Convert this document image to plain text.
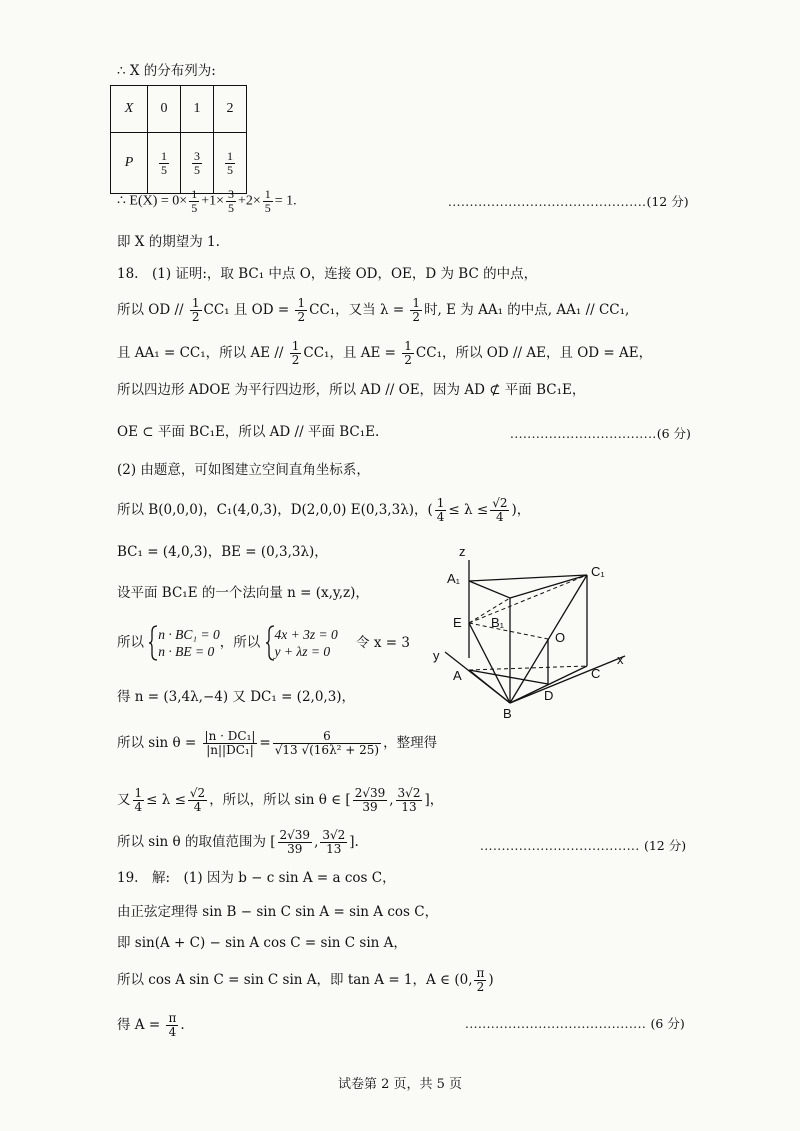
∴ X 的分布列为:
X	0	1	2
P	$\frac{1}{5}$	$\frac{3}{5}$	$\frac{1}{5}$
∴ $E(X) = 0\times \frac{1}{5} +1\times \frac{3}{5} +2\times \frac{1}{5} = 1$.	..............................................(12 分)
即 X 的期望为 1.
18.　(1) 证明:，取 BC₁ 中点 O，连接 OD，OE，D 为 BC 的中点，
所以 OD // $\frac{1}{2} CC_1$ 且 OD = $\frac{1}{2} CC_1$，又当 $\lambda = \frac{1}{2}$ 时, E 为 AA₁ 的中点, AA₁ // CC₁,
且 AA₁ = CC₁，所以 AE // $\frac{1}{2} CC_1$，且 AE = $\frac{1}{2} CC_1$，所以 OD // AE，且 OD = AE，
所以四边形 ADOE 为平行四边形，所以 AD // OE，因为 AD ⊄ 平面 BC₁E，
OE ⊂ 平面 BC₁E，所以 AD // 平面 BC₁E.	..................................(6 分)
(2) 由题意，可如图建立空间直角坐标系，
所以 B(0,0,0)，C₁(4,0,3)，D(2,0,0) E(0,3,3λ)，( $\frac{1}{4} \le \lambda \le \frac{√2}{4}$ )，
BC₁ = (4,0,3)，BE = (0,3,3λ)，
设平面 BC₁E 的一个法向量 n = (x,y,z)，
所以 n · BC₁ = 0
n · BE = 0，所以 4x + 3z = 0
y + λz = 0 令 x = 3
得 n = (3,4λ,−4) 又 DC₁ = (2,0,3)，
所以 $\sin \theta = \frac{\text{|n · DC₁|}}{\text{|n||DC₁|}} = \frac{6}{\text{√13 √(16λ² + 25)}}$ ，整理得
又 $\frac{1}{4} \le \lambda \le \frac{√2}{4}$ ，所以，所以 sin θ ∈ [ $\frac{2√39}{39}$ , $\frac{3√2}{13}$ ]，
所以 sin θ 的取值范围为 [ $\frac{2√39}{39}$ , $\frac{3√2}{13}$ ].	..................................... (12 分)
z
A₁	C₁
E B₁
O
y
A	C
x
D
B
19.　解:　(1) 因为 b − c sin A = a cos C，
由正弦定理得 sin B − sin C sin A = sin A cos C，
即 sin(A + C) − sin A cos C = sin C sin A，
所以 cos A sin C = sin C sin A，即 tan A = 1，A ∈ (0, $\frac{\pi}{2}$ )
得 $A = \frac{\pi}{4}$ .	.......................................... (6 分)
试卷第 2 页，共 5 页
